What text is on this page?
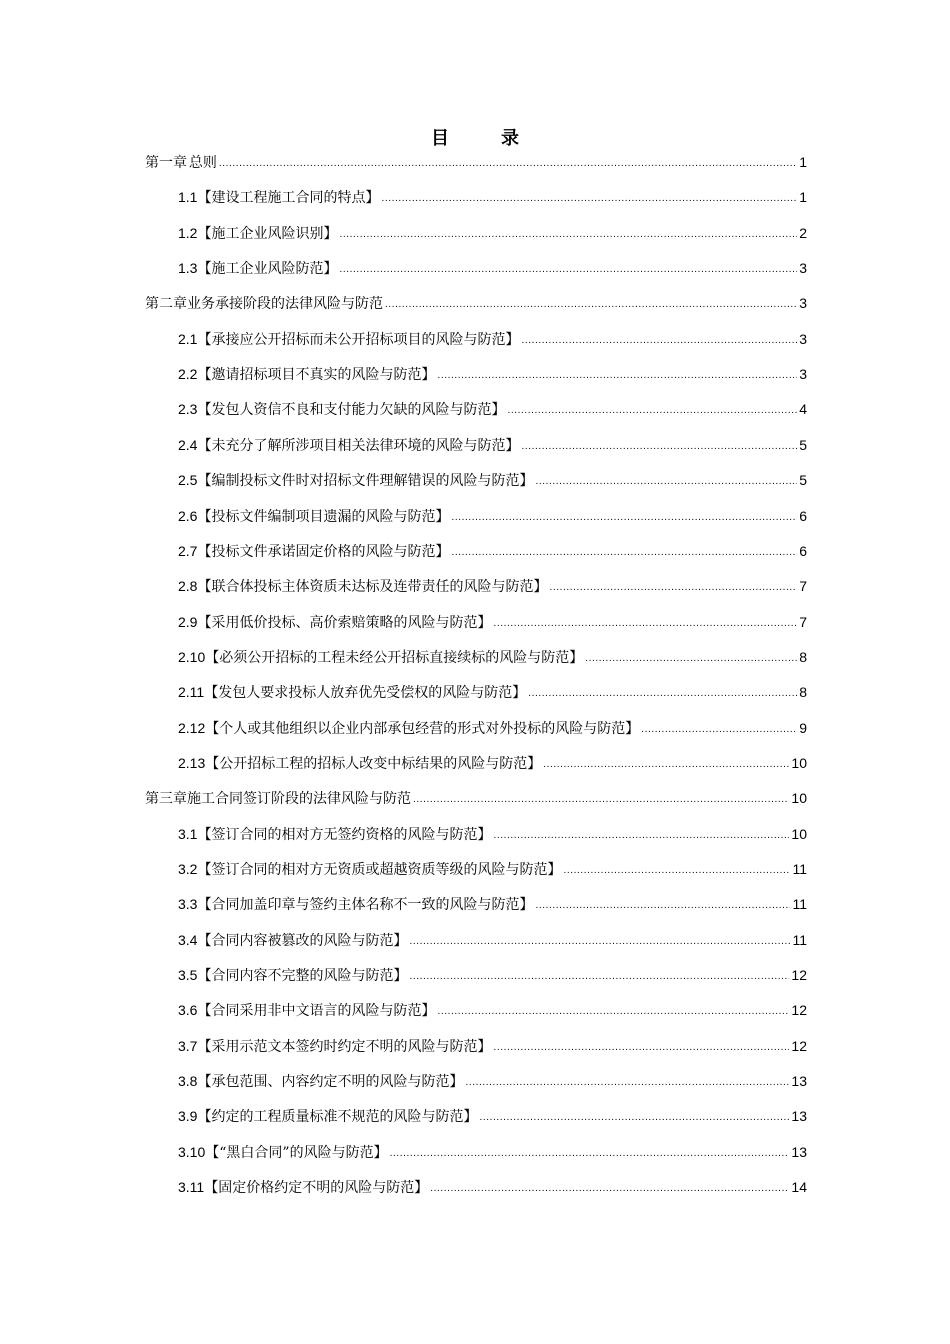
目	录
第一章 总则 .....	1
1.1 【建设工程施工合同的特点】 .....	1
1.2 【施工企业风险识别】 .....	2
1.3 【施工企业风险防范】 .....	3
第二章 业务承接阶段的法律风险与防范 .....	3
2.1 【承接应公开招标而未公开招标项目的风险与防范】 .....	3
2.2 【邀请招标项目不真实的风险与防范】 .....	3
2.3 【发包人资信不良和支付能力欠缺的风险与防范】 .....	4
2.4 【未充分了解所涉项目相关法律环境的风险与防范】 .....	5
2.5 【编制投标文件时对招标文件理解错误的风险与防范】 .....	5
2.6 【投标文件编制项目遗漏的风险与防范】 .....	6
2.7 【投标文件承诺固定价格的风险与防范】 .....	6
2.8 【联合体投标主体资质未达标及连带责任的风险与防范】 .....	7
2.9 【采用低价投标、高价索赔策略的风险与防范】 .....	7
2.10 【必须公开招标的工程未经公开招标直接续标的风险与防范】 .....	8
2.11 【发包人要求投标人放弃优先受偿权的风险与防范】 .....	8
2.12 【个人或其他组织以企业内部承包经营的形式对外投标的风险与防范】 .....	9
2.13 【公开招标工程的招标人改变中标结果的风险与防范】 .....	10
第三章 施工合同签订阶段的法律风险与防范 .....	10
3.1 【签订合同的相对方无签约资格的风险与防范】 .....	10
3.2 【签订合同的相对方无资质或超越资质等级的风险与防范】 .....	11
3.3 【合同加盖印章与签约主体名称不一致的风险与防范】 .....	11
3.4 【合同内容被篡改的风险与防范】 .....	11
3.5 【合同内容不完整的风险与防范】 .....	12
3.6 【合同采用非中文语言的风险与防范】 .....	12
3.7 【采用示范文本签约时约定不明的风险与防范】 .....	12
3.8 【承包范围、内容约定不明的风险与防范】 .....	13
3.9 【约定的工程质量标准不规范的风险与防范】 .....	13
3.10 【“黑白合同”的风险与防范】 .....	13
3.11 【固定价格约定不明的风险与防范】 .....	14
